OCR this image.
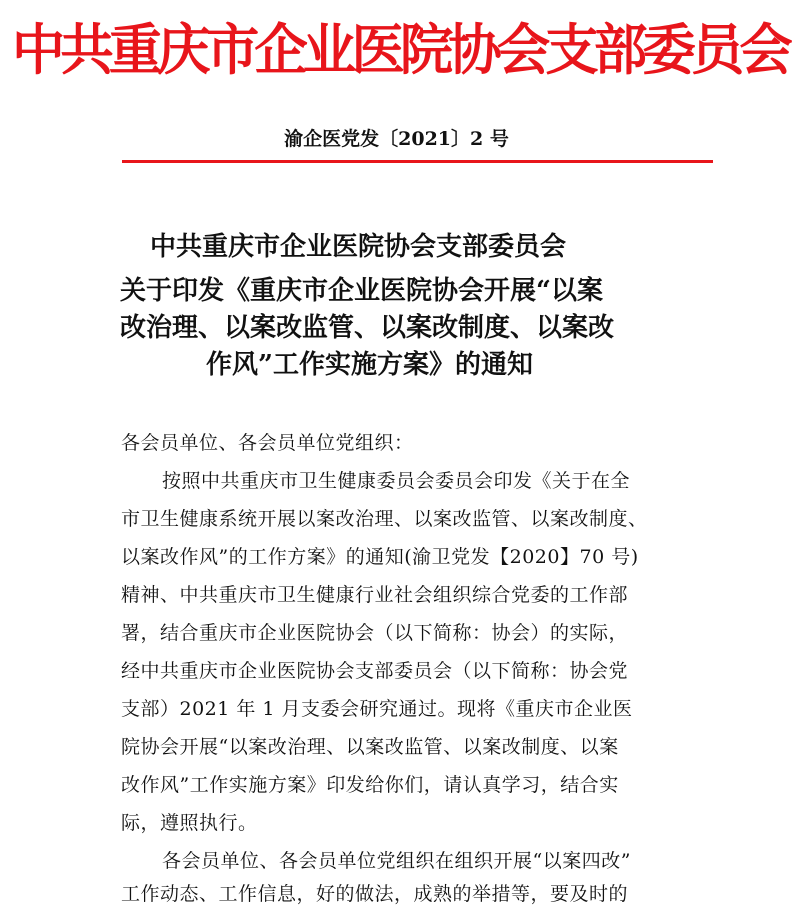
中共重庆市企业医院协会支部委员会
渝企医党发〔2021〕2 号
中共重庆市企业医院协会支部委员会
关于印发《重庆市企业医院协会开展“以案
改治理、以案改监管、以案改制度、以案改
作风”工作实施方案》的通知
各会员单位、各会员单位党组织：
按照中共重庆市卫生健康委员会委员会印发《关于在全
市卫生健康系统开展以案改治理、以案改监管、以案改制度、
以案改作风”的工作方案》的通知(渝卫党发【2020】70 号)
精神、中共重庆市卫生健康行业社会组织综合党委的工作部
署，结合重庆市企业医院协会（以下简称：协会）的实际，
经中共重庆市企业医院协会支部委员会（以下简称：协会党
支部）2021 年 1 月支委会研究通过。现将《重庆市企业医
院协会开展“以案改治理、以案改监管、以案改制度、以案
改作风”工作实施方案》印发给你们，请认真学习，结合实
际，遵照执行。
各会员单位、各会员单位党组织在组织开展“以案四改”
工作动态、工作信息，好的做法，成熟的举措等，要及时的
